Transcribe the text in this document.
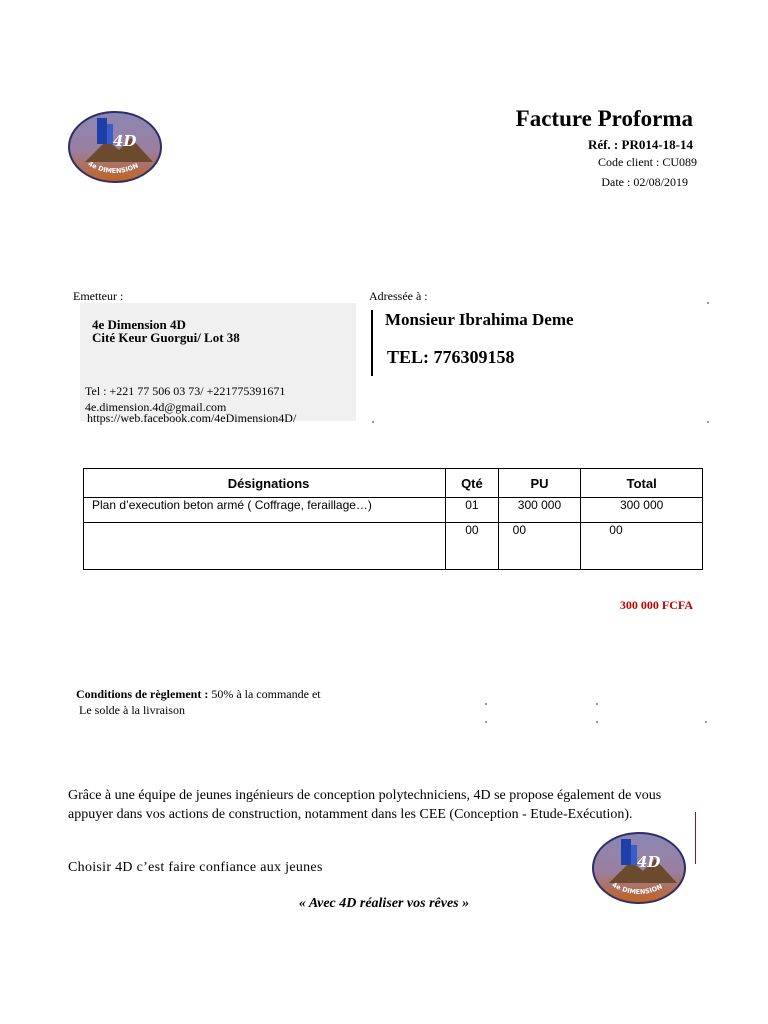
4D
4e DIMENSION
Facture Proforma
Réf. : PR014-18-14
Code client : CU089
Date : 02/08/2019
Emetteur :
4e Dimension 4D
Cité Keur Guorgui/ Lot 38
Tel : +221 77 506 03 73/ +221775391671
4e.dimension.4d@gmail.com
https://web.facebook.com/4eDimension4D/
Adressée à :
Monsieur Ibrahima Deme
TEL: 776309158
Désignations	Qté	PU	Total
Plan d’execution beton armé ( Coffrage, feraillage…)	01	300 000	300 000
	00	00	00
300 000 FCFA
Conditions de règlement : 50% à la commande et
Le solde à la livraison
Grâce à une équipe de jeunes ingénieurs de conception polytechniciens, 4D se propose également de vous appuyer dans vos actions de construction, notamment dans les CEE (Conception - Etude-Exécution).
Choisir 4D c’est faire confiance aux jeunes	4D
4e DIMENSION
« Avec 4D réaliser vos rêves »
